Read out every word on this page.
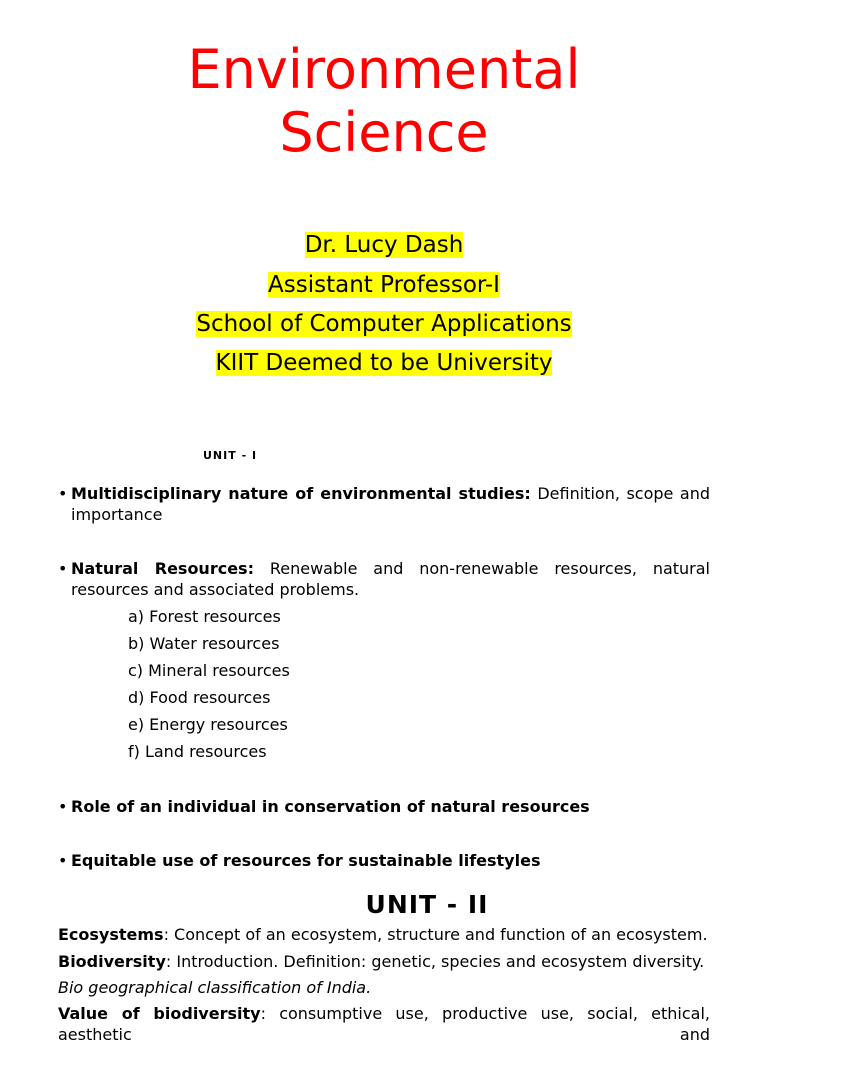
Environmental
Science
Dr. Lucy Dash
Assistant Professor-I
School of Computer Applications
KIIT Deemed to be University
UNIT - I
• Multidisciplinary nature of environmental studies: Definition, scope and importance
• Natural Resources: Renewable and non-renewable resources, natural resources and associated problems.
a) Forest resources
b) Water resources
c) Mineral resources
d) Food resources
e) Energy resources
f) Land resources
• Role of an individual in conservation of natural resources
• Equitable use of resources for sustainable lifestyles
UNIT - II
Ecosystems: Concept of an ecosystem, structure and function of an ecosystem.
Biodiversity: Introduction. Definition: genetic, species and ecosystem diversity.
Bio geographical classification of India.
Value of biodiversity: consumptive use, productive use, social, ethical, aesthetic and
